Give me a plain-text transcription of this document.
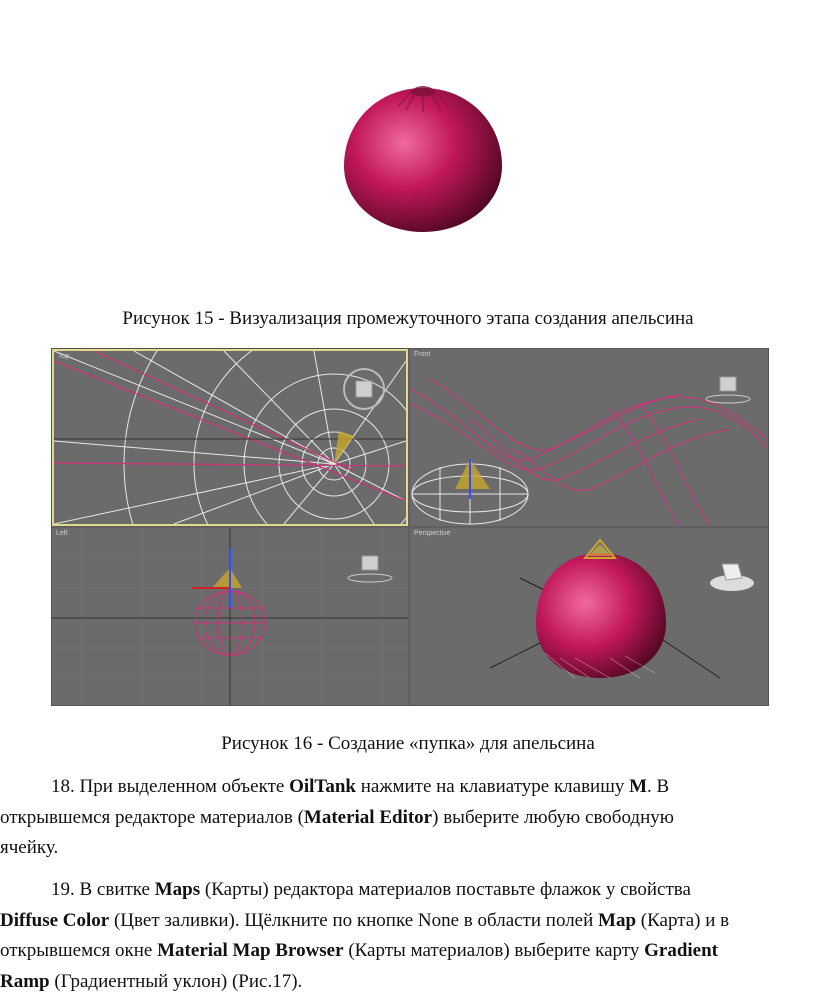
Рисунок 15 - Визуализация промежуточного этапа создания апельсина
Top	Front
Left	Perspective
Рисунок 16 - Создание «пупка» для апельсина
18. При выделенном объекте OilTank нажмите на клавиатуре клавишу M. В
открывшемся редакторе материалов (Material Editor) выберите любую свободную
ячейку.
19. В свитке Maps (Карты) редактора материалов поставьте флажок у свойства
Diffuse Color (Цвет заливки). Щёлкните по кнопке None в области полей Map (Карта) и в
открывшемся окне Material Map Browser (Карты материалов) выберите карту Gradient
Ramp (Градиентный уклон) (Рис.17).
